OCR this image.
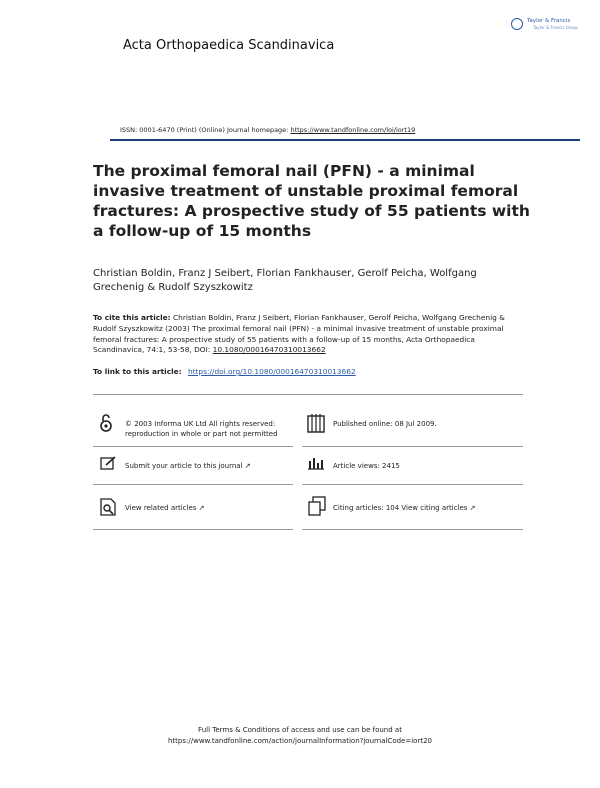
Acta Orthopaedica Scandinavica
Taylor & Francis
Taylor & Francis Group
ISSN: 0001-6470 (Print) (Online) Journal homepage: https://www.tandfonline.com/loi/iort19
The proximal femoral nail (PFN) - a minimal invasive treatment of unstable proximal femoral fractures: A prospective study of 55 patients with a follow-up of 15 months
Christian Boldin, Franz J Seibert, Florian Fankhauser, Gerolf Peicha, Wolfgang Grechenig & Rudolf Szyszkowitz
To cite this article: Christian Boldin, Franz J Seibert, Florian Fankhauser, Gerolf Peicha, Wolfgang Grechenig & Rudolf Szyszkowitz (2003) The proximal femoral nail (PFN) - a minimal invasive treatment of unstable proximal femoral fractures: A prospective study of 55 patients with a follow-up of 15 months, Acta Orthopaedica Scandinavica, 74:1, 53-58, DOI: 10.1080/00016470310013662
To link to this article: https://doi.org/10.1080/00016470310013662
© 2003 Informa UK Ltd All rights reserved:
reproduction in whole or part not permitted
Published online: 08 Jul 2009.
Submit your article to this journal ↗	Article views: 2415
View related articles ↗	Citing articles: 104 View citing articles ↗
Full Terms & Conditions of access and use can be found at
https://www.tandfonline.com/action/journalInformation?journalCode=iort20
